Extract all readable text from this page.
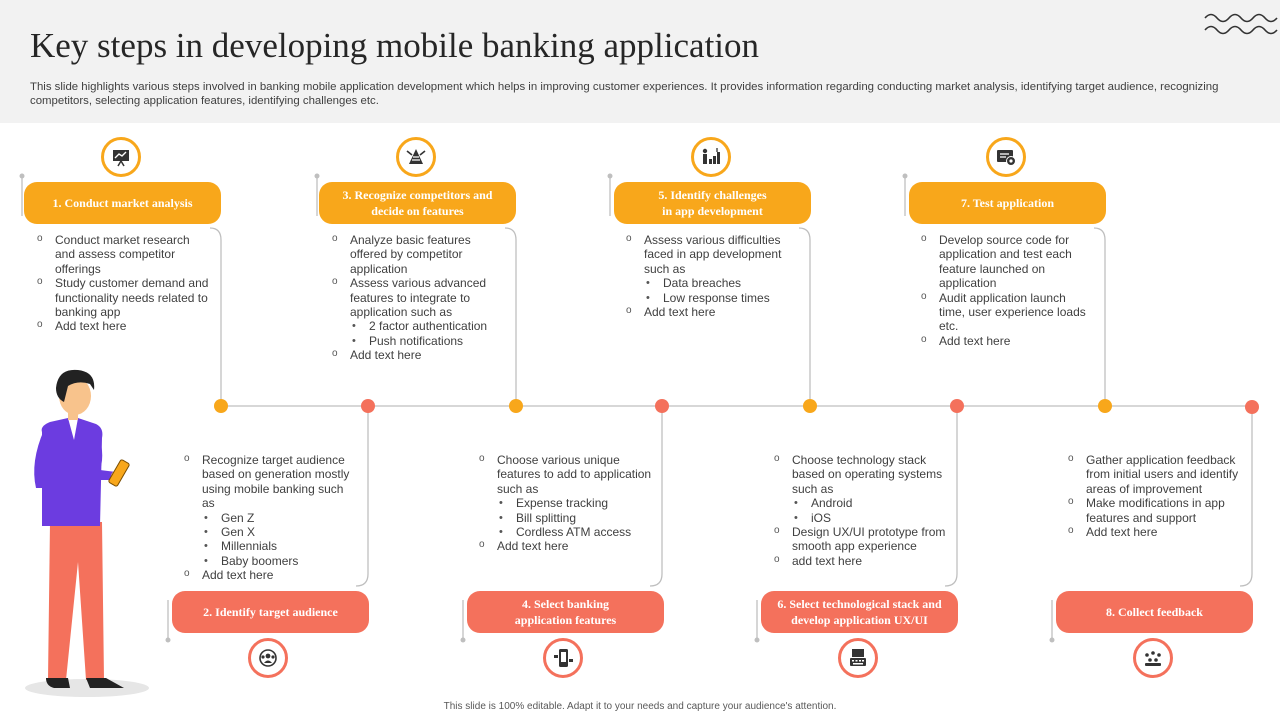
Key steps in developing mobile banking application

This slide highlights various steps involved in banking mobile application development which helps in improving customer experiences. It provides information regarding conducting market analysis, identifying target audience, recognizing competitors, selecting application features, identifying challenges etc.

1. Conduct market analysis
o Conduct market research and assess competitor offerings
o Study customer demand and functionality needs related to banking app
o Add text here
3. Recognize competitors and
decide on features
o Analyze basic features offered by competitor application
o Assess various advanced features to integrate to application such as
• 2 factor authentication
• Push notifications
o Add text here
5. Identify challenges
in app development
o Assess various difficulties faced in app development such as
• Data breaches
• Low response times
o Add text here
7. Test application
o Develop source code for application and test each feature launched on application
o Audit application launch time, user experience loads etc.
o Add text here
o Recognize target audience based on generation mostly using mobile banking such as
• Gen Z
• Gen X
• Millennials
• Baby boomers
o Add text here
2. Identify target audience
o Choose various unique features to add to application such as
• Expense tracking
• Bill splitting
• Cordless ATM access
o Add text here
4. Select banking
application features
o Choose technology stack based on operating systems such as
• Android
• iOS
o Design UX/UI prototype from smooth app experience
o add text here
6. Select technological stack and
develop application UX/UI
o Gather application feedback from initial users and identify areas of improvement
o Make modifications in app features and support
o Add text here
8. Collect feedback
This slide is 100% editable. Adapt it to your needs and capture your audience's attention.
